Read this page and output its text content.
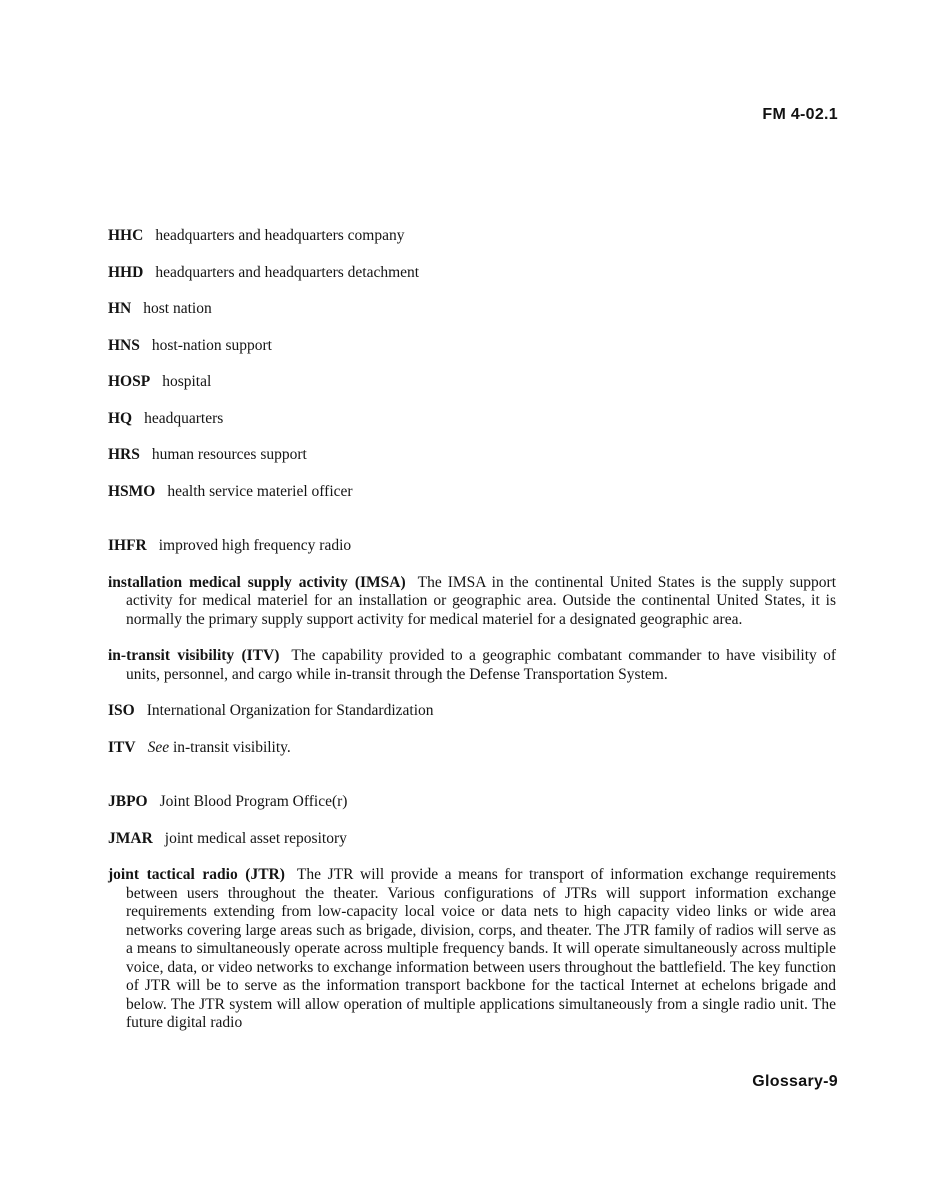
FM 4-02.1
HHC headquarters and headquarters company
HHD headquarters and headquarters detachment
HN host nation
HNS host-nation support
HOSP hospital
HQ headquarters
HRS human resources support
HSMO health service materiel officer
IHFR improved high frequency radio
installation medical supply activity (IMSA) The IMSA in the continental United States is the supply support activity for medical materiel for an installation or geographic area. Outside the continental United States, it is normally the primary supply support activity for medical materiel for a designated geographic area.
in-transit visibility (ITV) The capability provided to a geographic combatant commander to have visibility of units, personnel, and cargo while in-transit through the Defense Transportation System.
ISO International Organization for Standardization
ITV See in-transit visibility.
JBPO Joint Blood Program Office(r)
JMAR joint medical asset repository
joint tactical radio (JTR) The JTR will provide a means for transport of information exchange requirements between users throughout the theater. Various configurations of JTRs will support information exchange requirements extending from low-capacity local voice or data nets to high capacity video links or wide area networks covering large areas such as brigade, division, corps, and theater. The JTR family of radios will serve as a means to simultaneously operate across multiple frequency bands. It will operate simultaneously across multiple voice, data, or video networks to exchange information between users throughout the battlefield. The key function of JTR will be to serve as the information transport backbone for the tactical Internet at echelons brigade and below. The JTR system will allow operation of multiple applications simultaneously from a single radio unit. The future digital radio
Glossary-9
